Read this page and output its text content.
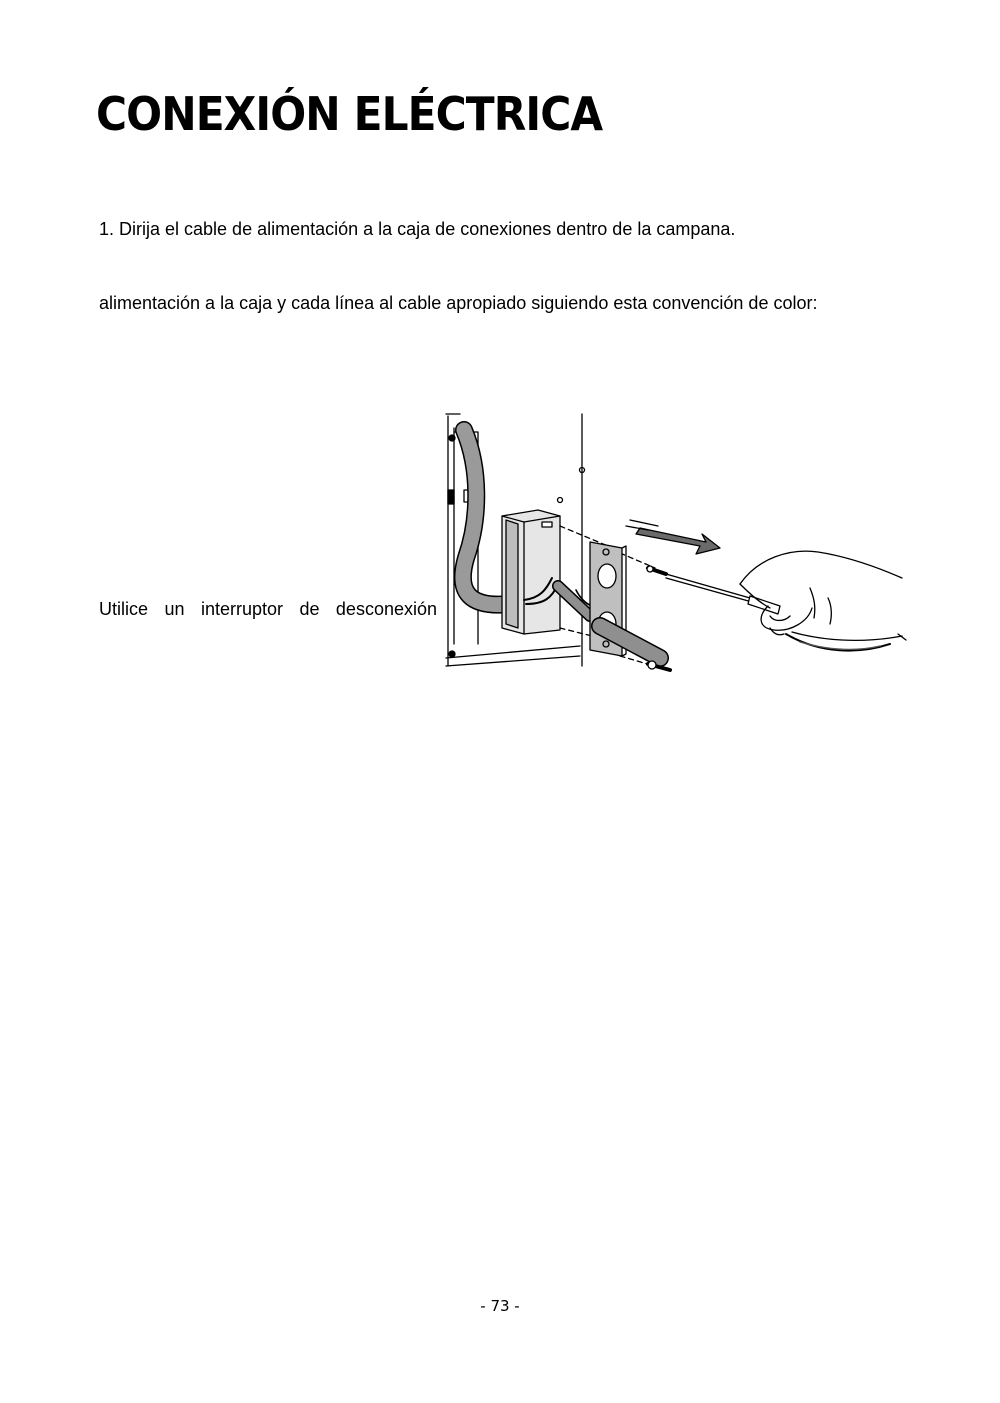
CONEXIÓN ELÉCTRICA

1. Dirija el cable de alimentación a la caja de conexiones dentro de la campana.

alimentación a la caja y cada línea al cable apropiado siguiendo esta convención de color:

Utilice un interruptor de desconexión

- 73 -
